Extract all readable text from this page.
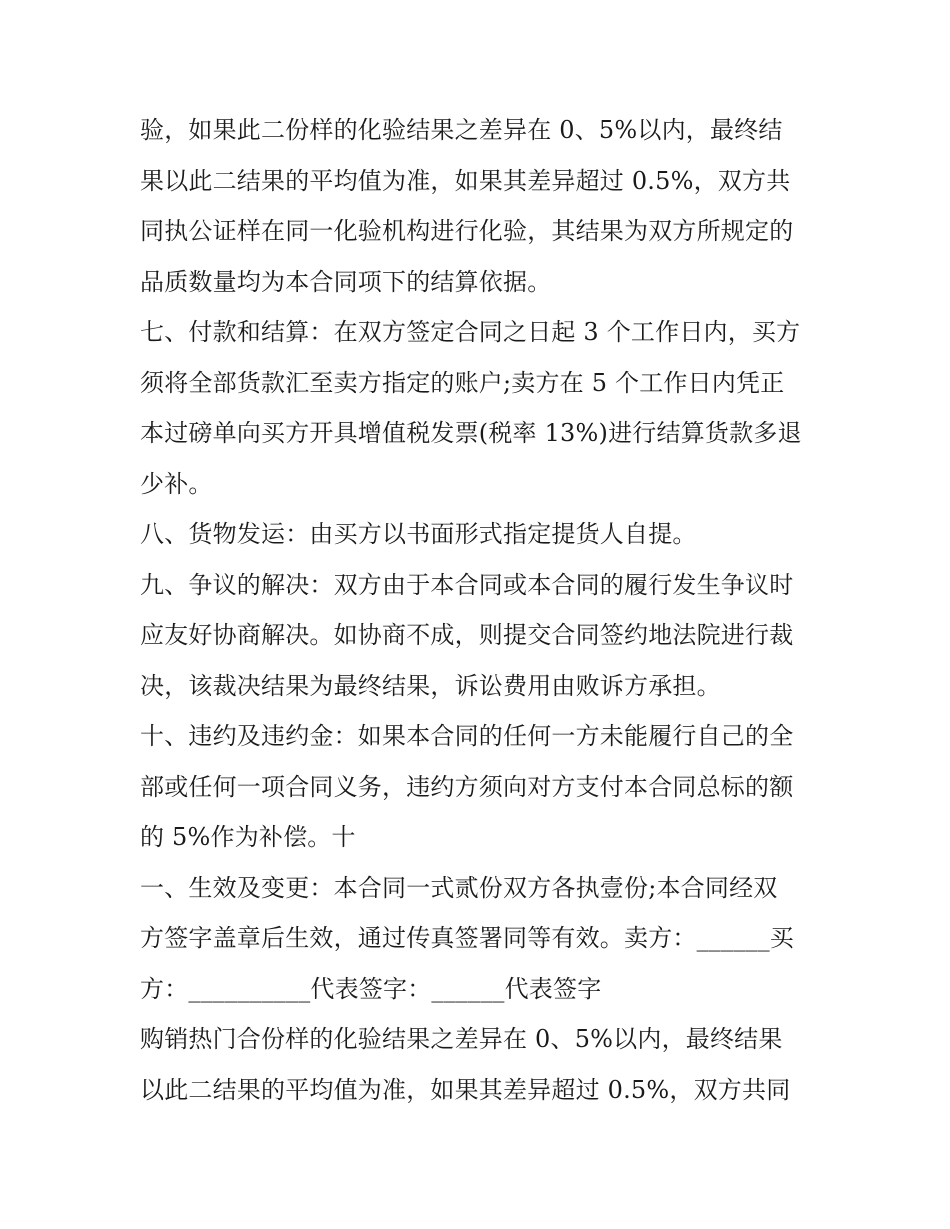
验，如果此二份样的化验结果之差异在 0、5%以内，最终结
果以此二结果的平均值为准，如果其差异超过 0.5%，双方共
同执公证样在同一化验机构进行化验，其结果为双方所规定的
品质数量均为本合同项下的结算依据。
七、付款和结算：在双方签定合同之日起 3 个工作日内，买方
须将全部货款汇至卖方指定的账户;卖方在 5 个工作日内凭正
本过磅单向买方开具增值税发票(税率 13%)进行结算货款多退
少补。
八、货物发运：由买方以书面形式指定提货人自提。
九、争议的解决：双方由于本合同或本合同的履行发生争议时
应友好协商解决。如协商不成，则提交合同签约地法院进行裁
决，该裁决结果为最终结果，诉讼费用由败诉方承担。
十、违约及违约金：如果本合同的任何一方未能履行自己的全
部或任何一项合同义务，违约方须向对方支付本合同总标的额
的 5%作为补偿。十
一、生效及变更：本合同一式贰份双方各执壹份;本合同经双
方签字盖章后生效，通过传真签署同等有效。卖方：______买
方：__________代表签字：______代表签字
购销热门合份样的化验结果之差异在 0、5%以内，最终结果
以此二结果的平均值为准，如果其差异超过 0.5%，双方共同
